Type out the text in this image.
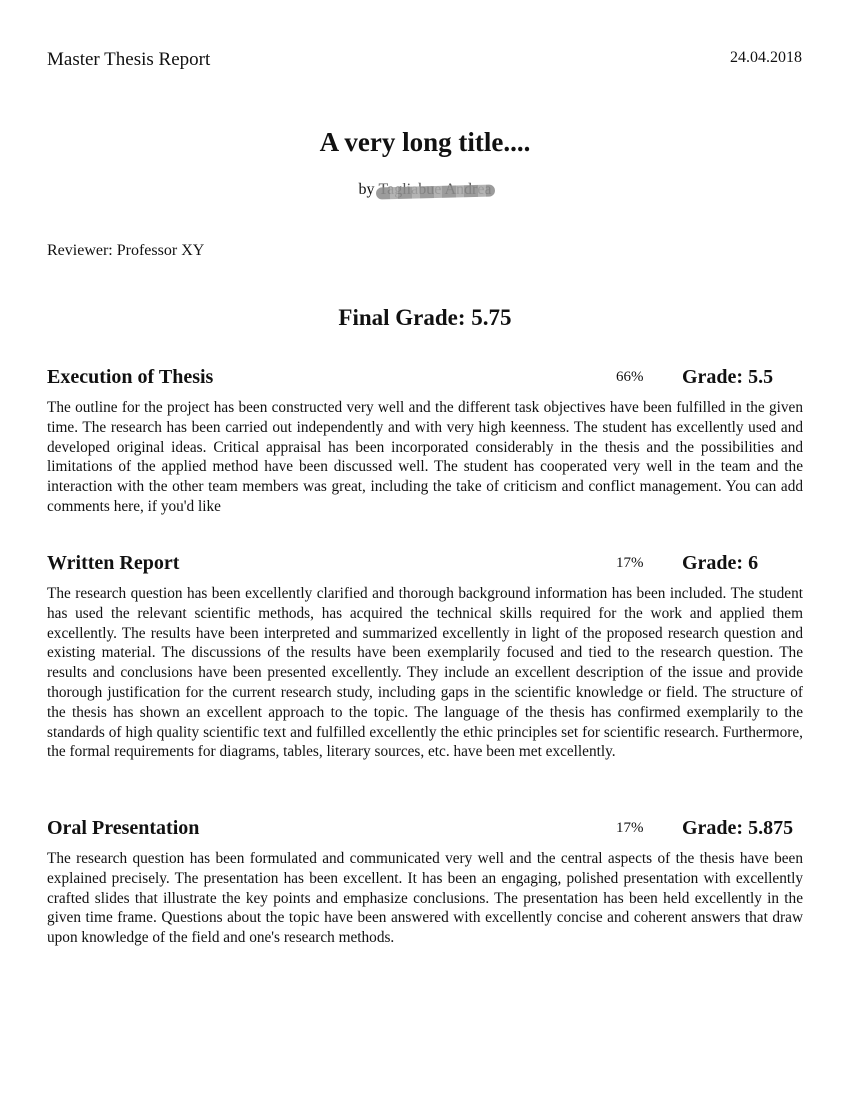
Master Thesis Report	24.04.2018
A very long title....
by
Reviewer: Professor XY
Final Grade: 5.75
Execution of Thesis	66% Grade: 5.5

The outline for the project has been constructed very well and the different task objectives have been fulfilled in the given time. The research has been carried out independently and with very high keenness. The student has excellently used and developed original ideas. Critical appraisal has been incorporated considerably in the thesis and the possibilities and limitations of the applied method have been discussed well. The student has cooperated very well in the team and the interaction with the other team members was great, including the take of criticism and conflict management. You can add comments here, if you'd like

Written Report	17% Grade: 6

The research question has been excellently clarified and thorough background information has been included. The student has used the relevant scientific methods, has acquired the technical skills required for the work and applied them excellently. The results have been interpreted and summarized excellently in light of the proposed research question and existing material. The discussions of the results have been exemplarily focused and tied to the research question. The results and conclusions have been presented excellently. They include an excellent description of the issue and provide thorough justification for the current research study, including gaps in the scientific knowledge or field. The structure of the thesis has shown an excellent approach to the topic. The language of the thesis has confirmed exemplarily to the standards of high quality scientific text and fulfilled excellently the ethic principles set for scientific research. Furthermore, the formal requirements for diagrams, tables, literary sources, etc. have been met excellently.

Oral Presentation	17% Grade: 5.875

The research question has been formulated and communicated very well and the central aspects of the thesis have been explained precisely. The presentation has been excellent. It has been an engaging, polished presentation with excellently crafted slides that illustrate the key points and emphasize conclusions. The presentation has been held excellently in the given time frame. Questions about the topic have been answered with excellently concise and coherent answers that draw upon knowledge of the field and one's research methods.
